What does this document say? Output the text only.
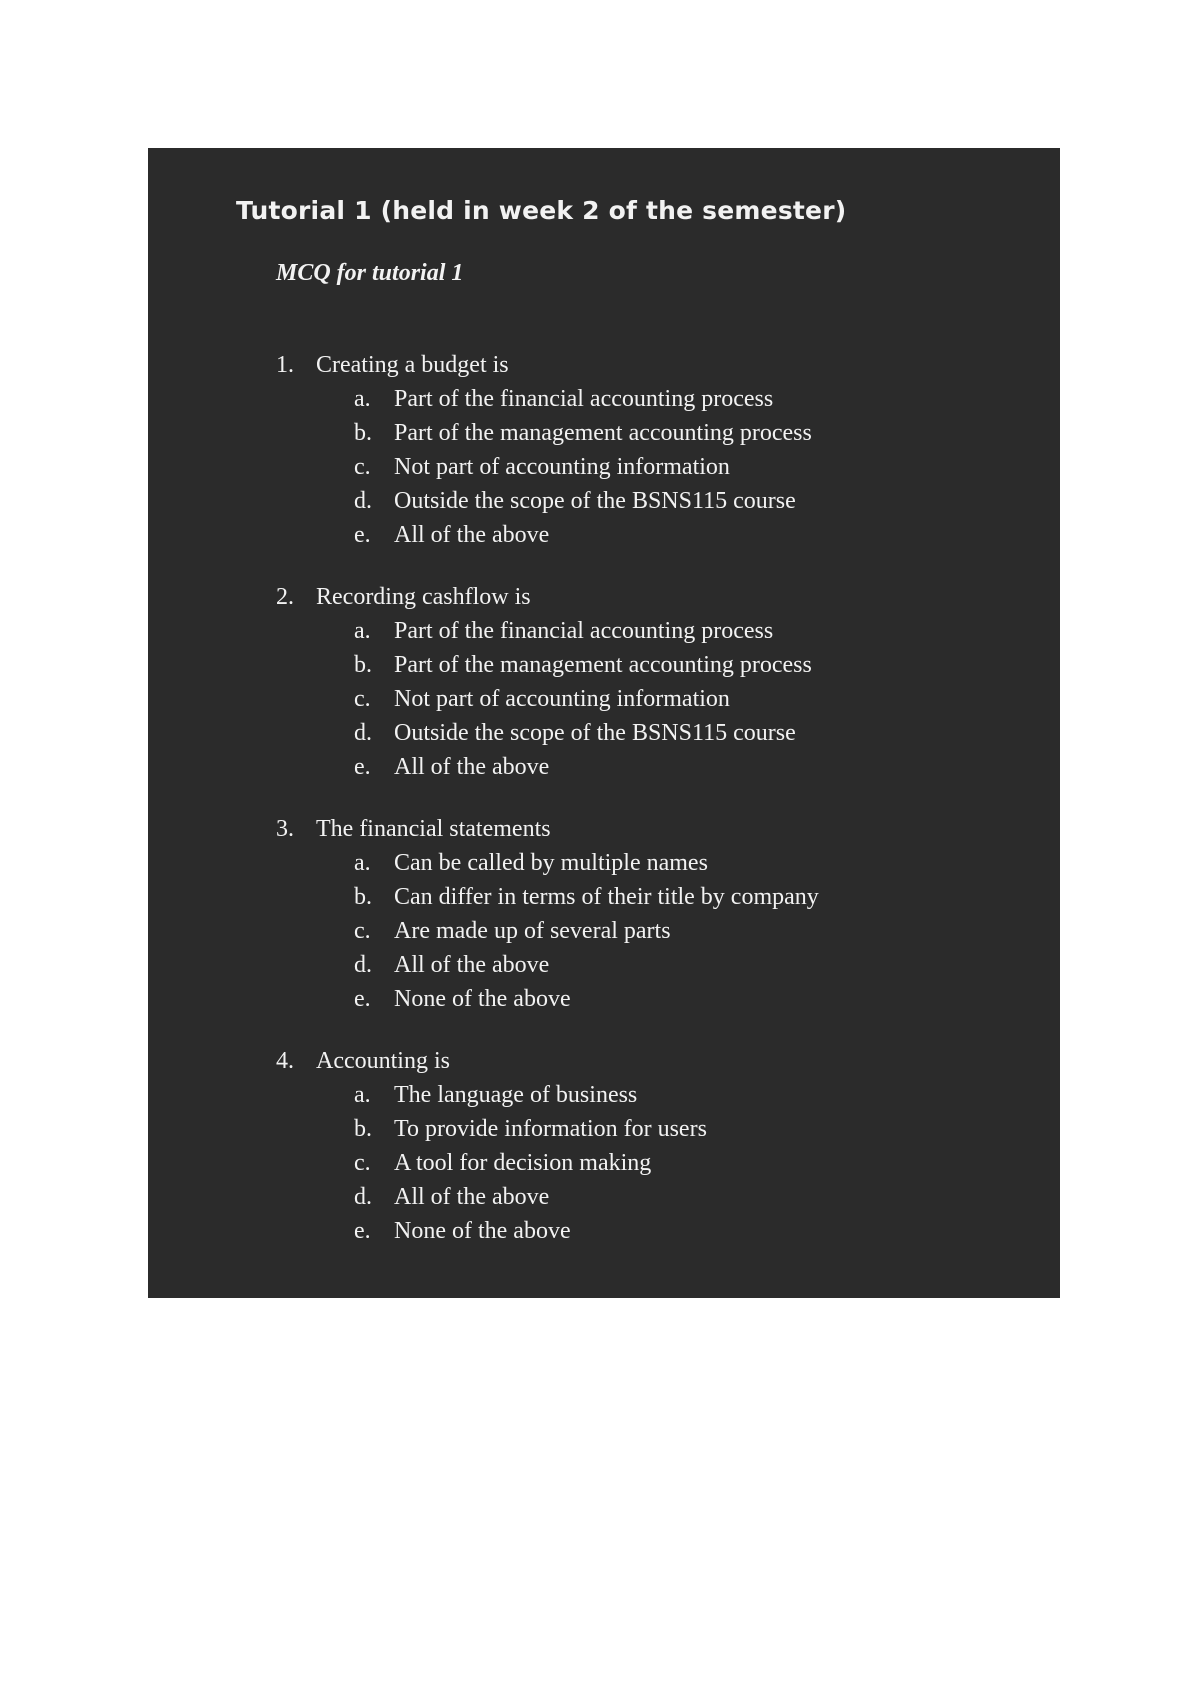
Tutorial 1 (held in week 2 of the semester)
MCQ for tutorial 1
1. Creating a budget is
a. Part of the financial accounting process
b. Part of the management accounting process
c. Not part of accounting information
d. Outside the scope of the BSNS115 course
e. All of the above
2. Recording cashflow is
a. Part of the financial accounting process
b. Part of the management accounting process
c. Not part of accounting information
d. Outside the scope of the BSNS115 course
e. All of the above
3. The financial statements
a. Can be called by multiple names
b. Can differ in terms of their title by company
c. Are made up of several parts
d. All of the above
e. None of the above
4. Accounting is
a. The language of business
b. To provide information for users
c. A tool for decision making
d. All of the above
e. None of the above
